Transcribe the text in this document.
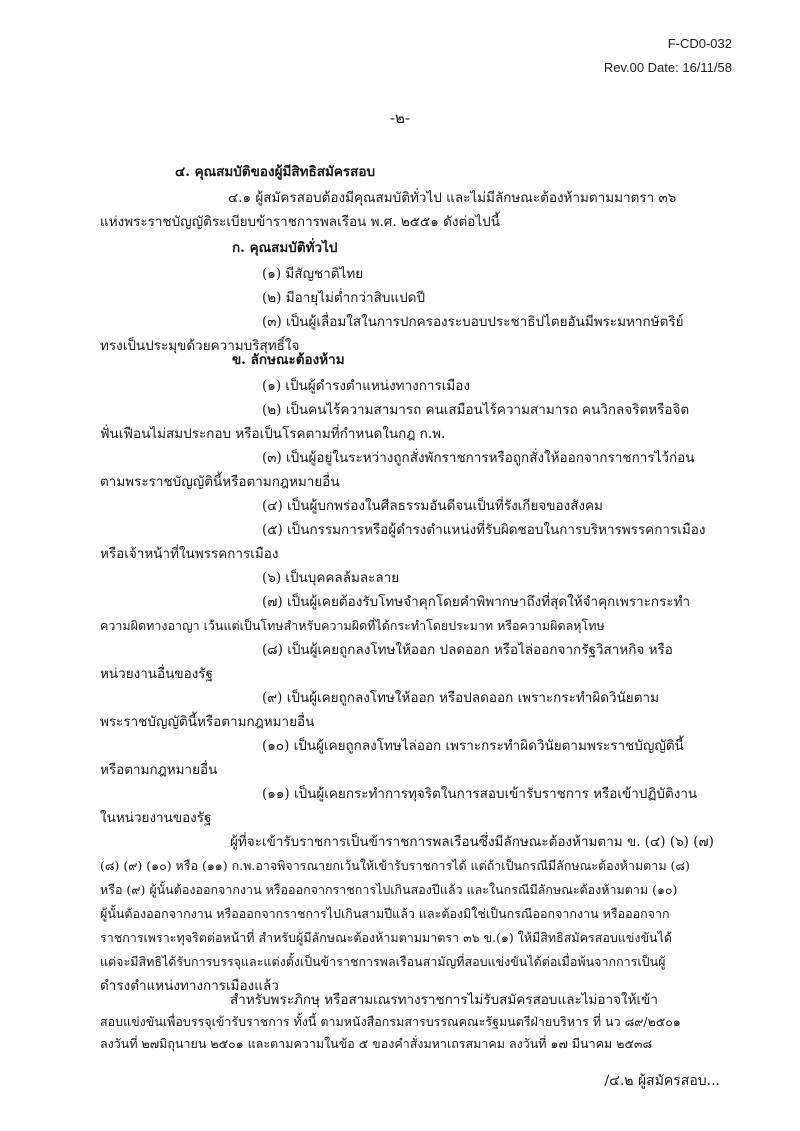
F-CD0-032
Rev.00 Date: 16/11/58
-๒-
๔. คุณสมบัติของผู้มีสิทธิสมัครสอบ
๔.๑ ผู้สมัครสอบต้องมีคุณสมบัติทั่วไป และไม่มีลักษณะต้องห้ามตามมาตรา ๓๖
แห่งพระราชบัญญัติระเบียบข้าราชการพลเรือน พ.ศ. ๒๕๕๑ ดังต่อไปนี้
ก. คุณสมบัติทั่วไป
(๑) มีสัญชาติไทย
(๒) มีอายุไม่ต่ำกว่าสิบแปดปี
(๓) เป็นผู้เลื่อมใสในการปกครองระบอบประชาธิปไตยอันมีพระมหากษัตริย์
ทรงเป็นประมุขด้วยความบริสุทธิ์ใจ
ข. ลักษณะต้องห้าม
(๑) เป็นผู้ดำรงตำแหน่งทางการเมือง
(๒) เป็นคนไร้ความสามารถ คนเสมือนไร้ความสามารถ คนวิกลจริตหรือจิต
ฟั่นเฟือนไม่สมประกอบ หรือเป็นโรคตามที่กำหนดในกฎ ก.พ.
(๓) เป็นผู้อยู่ในระหว่างถูกสั่งพักราชการหรือถูกสั่งให้ออกจากราชการไว้ก่อน
ตามพระราชบัญญัตินี้หรือตามกฎหมายอื่น
(๔) เป็นผู้บกพร่องในศีลธรรมอันดีจนเป็นที่รังเกียจของสังคม
(๕) เป็นกรรมการหรือผู้ดำรงตำแหน่งที่รับผิดชอบในการบริหารพรรคการเมือง
หรือเจ้าหน้าที่ในพรรคการเมือง
(๖) เป็นบุคคลล้มละลาย
(๗) เป็นผู้เคยต้องรับโทษจำคุกโดยคำพิพากษาถึงที่สุดให้จำคุกเพราะกระทำ
ความผิดทางอาญา เว้นแต่เป็นโทษสำหรับความผิดที่ได้กระทำโดยประมาท หรือความผิดลหุโทษ
(๘) เป็นผู้เคยถูกลงโทษให้ออก ปลดออก หรือไล่ออกจากรัฐวิสาหกิจ หรือ
หน่วยงานอื่นของรัฐ
(๙) เป็นผู้เคยถูกลงโทษให้ออก หรือปลดออก เพราะกระทำผิดวินัยตาม
พระราชบัญญัตินี้หรือตามกฎหมายอื่น
(๑๐) เป็นผู้เคยถูกลงโทษไล่ออก เพราะกระทำผิดวินัยตามพระราชบัญญัตินี้
หรือตามกฎหมายอื่น
(๑๑) เป็นผู้เคยกระทำการทุจริตในการสอบเข้ารับราชการ หรือเข้าปฏิบัติงาน
ในหน่วยงานของรัฐ
ผู้ที่จะเข้ารับราชการเป็นข้าราชการพลเรือนซึ่งมีลักษณะต้องห้ามตาม ข. (๔) (๖) (๗)
(๘) (๙) (๑๐) หรือ (๑๑) ก.พ.อาจพิจารณายกเว้นให้เข้ารับราชการได้ แต่ถ้าเป็นกรณีมีลักษณะต้องห้ามตาม (๘)
หรือ (๙) ผู้นั้นต้องออกจากงาน หรือออกจากราชการไปเกินสองปีแล้ว และในกรณีมีลักษณะต้องห้ามตาม (๑๐)
ผู้นั้นต้องออกจากงาน หรือออกจากราชการไปเกินสามปีแล้ว และต้องมิใช่เป็นกรณีออกจากงาน หรือออกจาก
ราชการเพราะทุจริตต่อหน้าที่ สำหรับผู้มีลักษณะต้องห้ามตามมาตรา ๓๖ ข.(๑) ให้มีสิทธิสมัครสอบแข่งขันได้
แต่จะมีสิทธิได้รับการบรรจุและแต่งตั้งเป็นข้าราชการพลเรือนสามัญที่สอบแข่งขันได้ต่อเมื่อพ้นจากการเป็นผู้
ดำรงตำแหน่งทางการเมืองแล้ว
สำหรับพระภิกษุ หรือสามเณรทางราชการไม่รับสมัครสอบและไม่อาจให้เข้า
สอบแข่งขันเพื่อบรรจุเข้ารับราชการ ทั้งนี้ ตามหนังสือกรมสารบรรณคณะรัฐมนตรีฝ่ายบริหาร ที่ นว ๘๙/๒๕๐๑
/๔.๒ ผู้สมัครสอบ...
ลงวันที่ ๒๗มิถุนายน ๒๕๐๑ และตามความในข้อ ๕ ของคำสั่งมหาเถรสมาคม ลงวันที่ ๑๗ มีนาคม ๒๕๓๘
